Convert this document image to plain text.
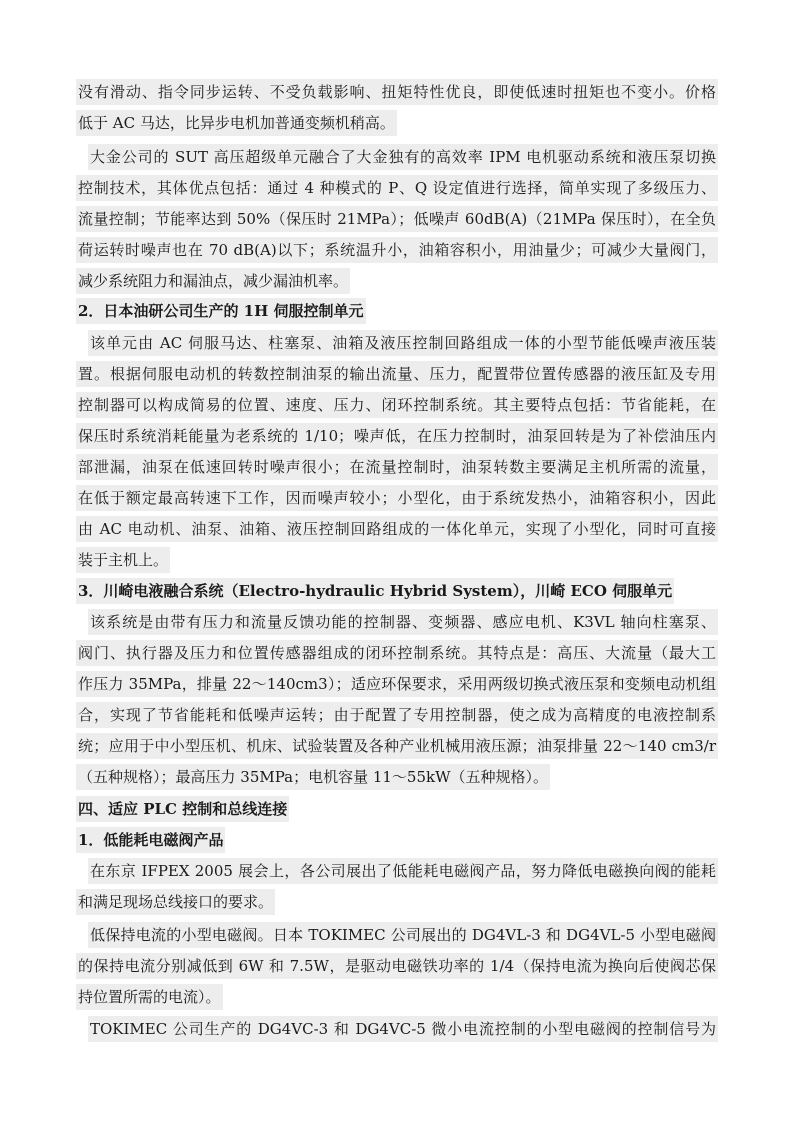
没有滑动、指令同步运转、不受负载影响、扭矩特性优良，即使低速时扭矩也不变小。价格
低于 AC 马达，比异步电机加普通变频机稍高。
大金公司的 SUT 高压超级单元融合了大金独有的高效率 IPM 电机驱动系统和液压泵切换
控制技术，其体优点包括：通过 4 种模式的 P、Q 设定值进行选择，简单实现了多级压力、
流量控制；节能率达到 50%（保压时 21MPa）；低噪声 60dB(A)（21MPa 保压时），在全负
荷运转时噪声也在 70 dB(A)以下；系统温升小，油箱容积小，用油量少；可减少大量阀门，
减少系统阻力和漏油点，减少漏油机率。
2．日本油研公司生产的 1H 伺服控制单元
该单元由 AC 伺服马达、柱塞泵、油箱及液压控制回路组成一体的小型节能低噪声液压装
置。根据伺服电动机的转数控制油泵的输出流量、压力，配置带位置传感器的液压缸及专用
控制器可以构成简易的位置、速度、压力、闭环控制系统。其主要特点包括：节省能耗，在
保压时系统消耗能量为老系统的 1/10；噪声低，在压力控制时，油泵回转是为了补偿油压内
部泄漏，油泵在低速回转时噪声很小；在流量控制时，油泵转数主要满足主机所需的流量，
在低于额定最高转速下工作，因而噪声较小；小型化，由于系统发热小，油箱容积小，因此
由 AC 电动机、油泵、油箱、液压控制回路组成的一体化单元，实现了小型化，同时可直接
装于主机上。
3．川崎电液融合系统（Electro-hydraulic Hybrid System），川崎 ECO 伺服单元
该系统是由带有压力和流量反馈功能的控制器、变频器、感应电机、K3VL 轴向柱塞泵、
阀门、执行器及压力和位置传感器组成的闭环控制系统。其特点是：高压、大流量（最大工
作压力 35MPa，排量 22～140cm3）；适应环保要求，采用两级切换式液压泵和变频电动机组
合，实现了节省能耗和低噪声运转；由于配置了专用控制器，使之成为高精度的电液控制系
统；应用于中小型压机、机床、试验装置及各种产业机械用液压源；油泵排量 22～140 cm3/r
（五种规格）；最高压力 35MPa；电机容量 11～55kW（五种规格）。
四、适应 PLC 控制和总线连接
1．低能耗电磁阀产品
在东京 IFPEX 2005 展会上，各公司展出了低能耗电磁阀产品，努力降低电磁换向阀的能耗
和满足现场总线接口的要求。
低保持电流的小型电磁阀。日本 TOKIMEC 公司展出的 DG4VL-3 和 DG4VL-5 小型电磁阀
的保持电流分别减低到 6W 和 7.5W，是驱动电磁铁功率的 1/4（保持电流为换向后使阀芯保
持位置所需的电流）。
TOKIMEC 公司生产的 DG4VC-3 和 DG4VC-5 微小电流控制的小型电磁阀的控制信号为
